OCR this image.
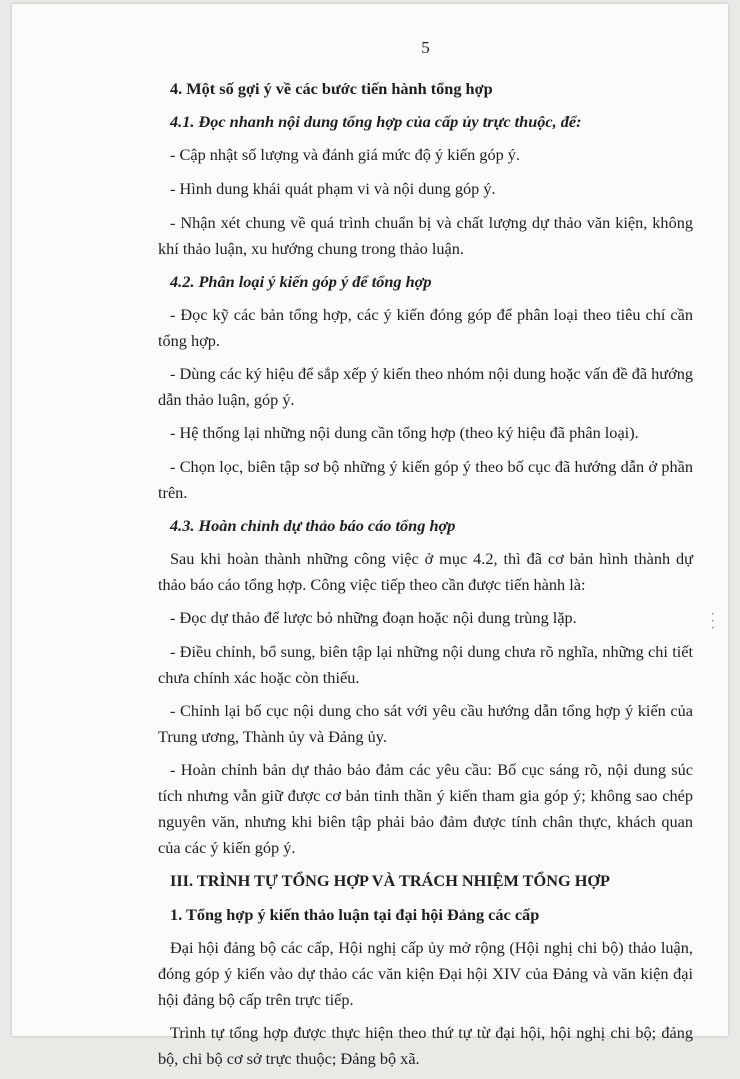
5

4. Một số gợi ý về các bước tiến hành tổng hợp

4.1. Đọc nhanh nội dung tổng hợp của cấp ủy trực thuộc, để:

- Cập nhật số lượng và đánh giá mức độ ý kiến góp ý.

- Hình dung khái quát phạm vi và nội dung góp ý.

- Nhận xét chung về quá trình chuẩn bị và chất lượng dự thảo văn kiện, không khí thảo luận, xu hướng chung trong thảo luận.

4.2. Phân loại ý kiến góp ý để tổng hợp

- Đọc kỹ các bản tổng hợp, các ý kiến đóng góp để phân loại theo tiêu chí cần tổng hợp.

- Dùng các ký hiệu để sắp xếp ý kiến theo nhóm nội dung hoặc vấn đề đã hướng dẫn thảo luận, góp ý.

- Hệ thống lại những nội dung cần tổng hợp (theo ký hiệu đã phân loại).

- Chọn lọc, biên tập sơ bộ những ý kiến góp ý theo bố cục đã hướng dẫn ở phần trên.

4.3. Hoàn chỉnh dự thảo báo cáo tổng hợp

Sau khi hoàn thành những công việc ở mục 4.2, thì đã cơ bản hình thành dự thảo báo cáo tổng hợp. Công việc tiếp theo cần được tiến hành là:

- Đọc dự thảo để lược bỏ những đoạn hoặc nội dung trùng lặp.

- Điều chỉnh, bổ sung, biên tập lại những nội dung chưa rõ nghĩa, những chi tiết chưa chính xác hoặc còn thiếu.

- Chỉnh lại bố cục nội dung cho sát với yêu cầu hướng dẫn tổng hợp ý kiến của Trung ương, Thành ủy và Đảng ủy.

- Hoàn chỉnh bản dự thảo bảo đảm các yêu cầu: Bố cục sáng rõ, nội dung súc tích nhưng vẫn giữ được cơ bản tinh thần ý kiến tham gia góp ý; không sao chép nguyên văn, nhưng khi biên tập phải bảo đảm được tính chân thực, khách quan của các ý kiến góp ý.

III. TRÌNH TỰ TỔNG HỢP VÀ TRÁCH NHIỆM TỔNG HỢP

1. Tổng hợp ý kiến thảo luận tại đại hội Đảng các cấp

Đại hội đảng bộ các cấp, Hội nghị cấp ủy mở rộng (Hội nghị chi bộ) thảo luận, đóng góp ý kiến vào dự thảo các văn kiện Đại hội XIV của Đảng và văn kiện đại hội đảng bộ cấp trên trực tiếp.

Trình tự tổng hợp được thực hiện theo thứ tự từ đại hội, hội nghị chi bộ; đảng bộ, chi bộ cơ sở trực thuộc; Đảng bộ xã.

· · ·
